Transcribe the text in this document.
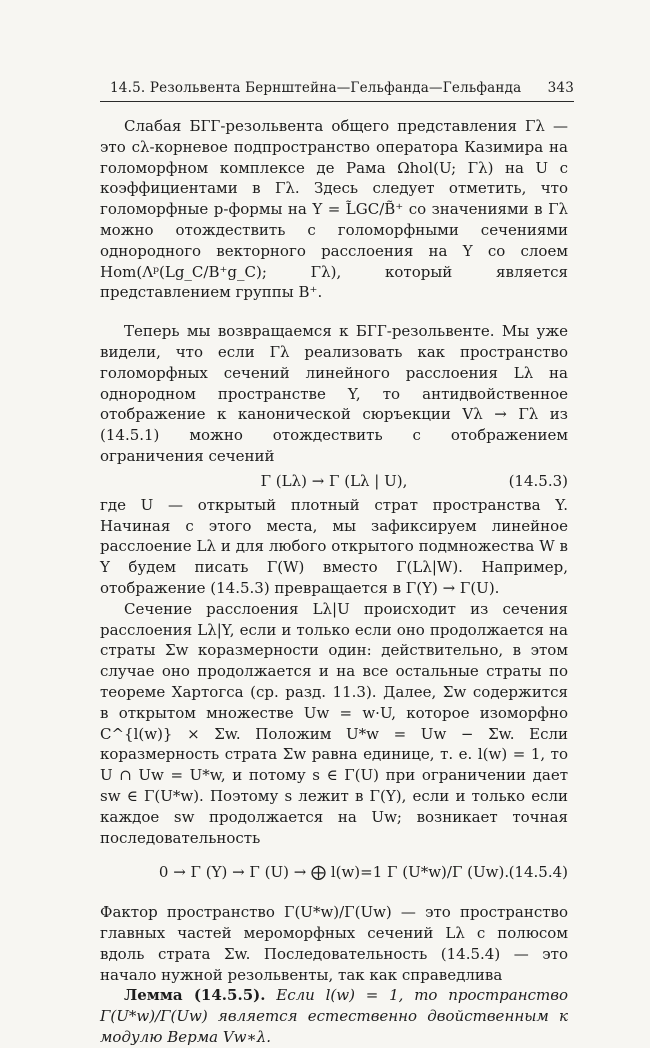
14.5. Резольвента Бернштейна—Гельфанда—Гельфанда 343

Слабая БГГ-резольвента общего представления Γλ — это cλ-корневое подпространство оператора Казимира на голоморфном комплексе де Рама Ωhol(U; Γλ) на U с коэффициентами в Γλ. Здесь следует отметить, что голоморфные p-формы на Y = L̃GC/B̃⁺ со значениями в Γλ можно отождествить с голоморфными сечениями однородного векторного расслоения на Y со слоем Hom(Λᵖ(Lg_C/B⁺g_C); Γλ), который является представлением группы B⁺.

Теперь мы возвращаемся к БГГ-резольвенте. Мы уже видели, что если Γλ реализовать как пространство голоморфных сечений линейного расслоения Lλ на однородном пространстве Y, то антидвойственное отображение к канонической сюръекции Vλ → Γλ из (14.5.1) можно отождествить с отображением ограничения сечений

Γ (Lλ) → Γ (Lλ | U),	(14.5.3)

где U — открытый плотный страт пространства Y. Начиная с этого места, мы зафиксируем линейное расслоение Lλ и для любого открытого подмножества W в Y будем писать Γ(W) вместо Γ(Lλ|W). Например, отображение (14.5.3) превращается в Γ(Y) → Γ(U).

Сечение расслоения Lλ|U происходит из сечения расслоения Lλ|Y, если и только если оно продолжается на страты Σw коразмерности один: действительно, в этом случае оно продолжается и на все остальные страты по теореме Хартогса (ср. разд. 11.3). Далее, Σw содержится в открытом множестве Uw = w·U, которое изоморфно C^{l(w)} × Σw. Положим U*w = Uw − Σw. Если коразмерность страта Σw равна единице, т. е. l(w) = 1, то U ∩ Uw = U*w, и потому s ∈ Γ(U) при ограничении дает sw ∈ Γ(U*w). Поэтому s лежит в Γ(Y), если и только если каждое sw продолжается на Uw; возникает точная последовательность

0 → Γ (Y) → Γ (U) → ⨁ l(w)=1 Γ (U*w)/Γ (Uw). (14.5.4)

Фактор пространство Γ(U*w)/Γ(Uw) — это пространство главных частей мероморфных сечений Lλ с полюсом вдоль страта Σw. Последовательность (14.5.4) — это начало нужной резольвенты, так как справедлива

Лемма (14.5.5). Если l(w) = 1, то пространство Γ(U*w)/Γ(Uw) является естественно двойственным к модулю Верма Vw∗λ.
